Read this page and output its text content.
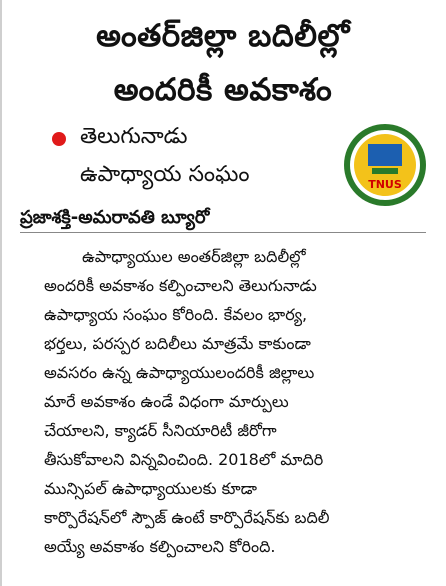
అంతర్‌జిల్లా బదిలీల్లో
అందరికీ అవకాశం
తెలుగునాడు
ఉపాధ్యాయ సంఘం	TNUS
ప్రజాశక్తి-అమరావతి బ్యూరో
ఉపాధ్యాయుల అంతర్‌జిల్లా బదిలీల్లో
అందరికీ అవకాశం కల్పించాలని తెలుగునాడు
ఉపాధ్యాయ సంఘం కోరింది. కేవలం భార్య,
భర్తలు, పరస్పర బదిలీలు మాత్రమే కాకుండా
అవసరం ఉన్న ఉపాధ్యాయులందరికీ జిల్లాలు
మారే అవకాశం ఉండే విధంగా మార్పులు
చేయాలని, క్యాడర్ సీనియారిటీ జీరోగా
తీసుకోవాలని విన్నవించింది. 2018లో మాదిరి
మున్సిపల్ ఉపాధ్యాయులకు కూడా
కార్పొరేషన్‌లో స్పౌజ్ ఉంటే కార్పొరేషన్‌కు బదిలీ
అయ్యే అవకాశం కల్పించాలని కోరింది.
